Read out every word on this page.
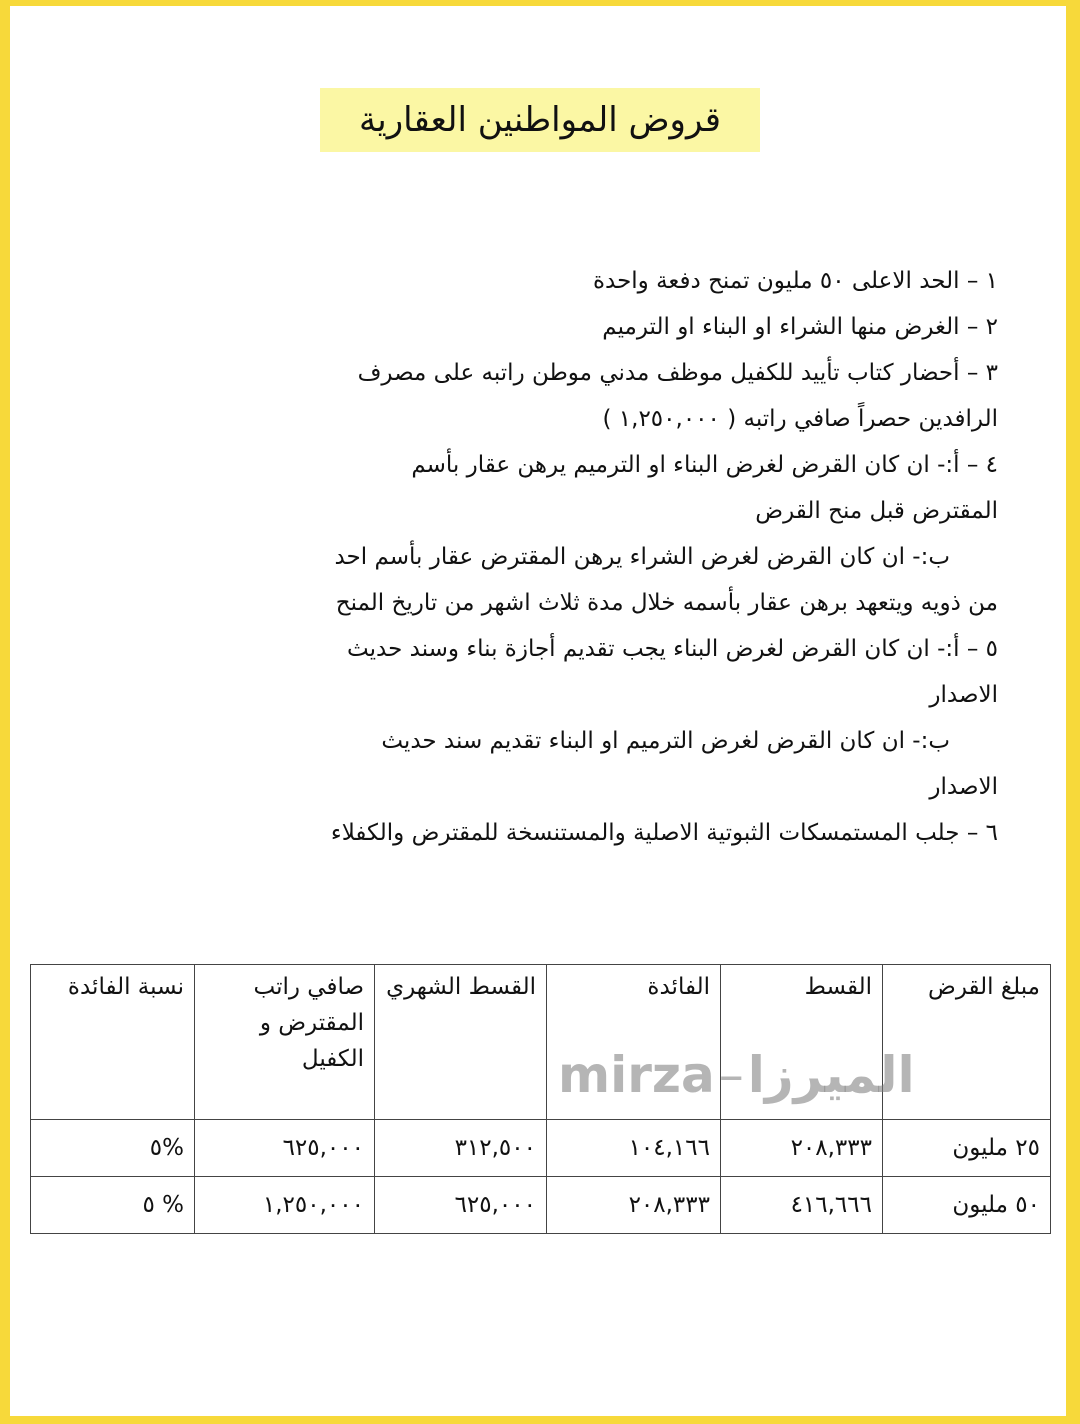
قروض المواطنين العقارية
١ – الحد الاعلى ٥٠ مليون تمنح دفعة واحدة
٢ – الغرض منها الشراء او البناء او الترميم
٣ – أحضار كتاب تأييد للكفيل موظف مدني موطن راتبه على مصرف
الرافدين حصراً صافي راتبه ( ١,٢٥٠,٠٠٠ )
٤ – أ:- ان كان القرض لغرض البناء او الترميم يرهن عقار بأسم
المقترض قبل منح القرض
ب:- ان كان القرض لغرض الشراء يرهن المقترض عقار بأسم احد
من ذويه ويتعهد برهن عقار بأسمه خلال مدة ثلاث اشهر من تاريخ المنح
٥ – أ:- ان كان القرض لغرض البناء يجب تقديم أجازة بناء وسند حديث
الاصدار
ب:- ان كان القرض لغرض الترميم او البناء تقديم سند حديث
الاصدار
٦ – جلب المستمسكات الثبوتية الاصلية والمستنسخة للمقترض والكفلاء
مبلغ القرض	القسط	الفائدة	القسط الشهري	صافي راتب المقترض و الكفيل	نسبة الفائدة
٢٥ مليون	٢٠٨,٣٣٣	١٠٤,١٦٦	٣١٢,٥٠٠	٦٢٥,٠٠٠	%٥
٥٠ مليون	٤١٦,٦٦٦	٢٠٨,٣٣٣	٦٢٥,٠٠٠	١,٢٥٠,٠٠٠	% ٥
mirza–الميرزا
